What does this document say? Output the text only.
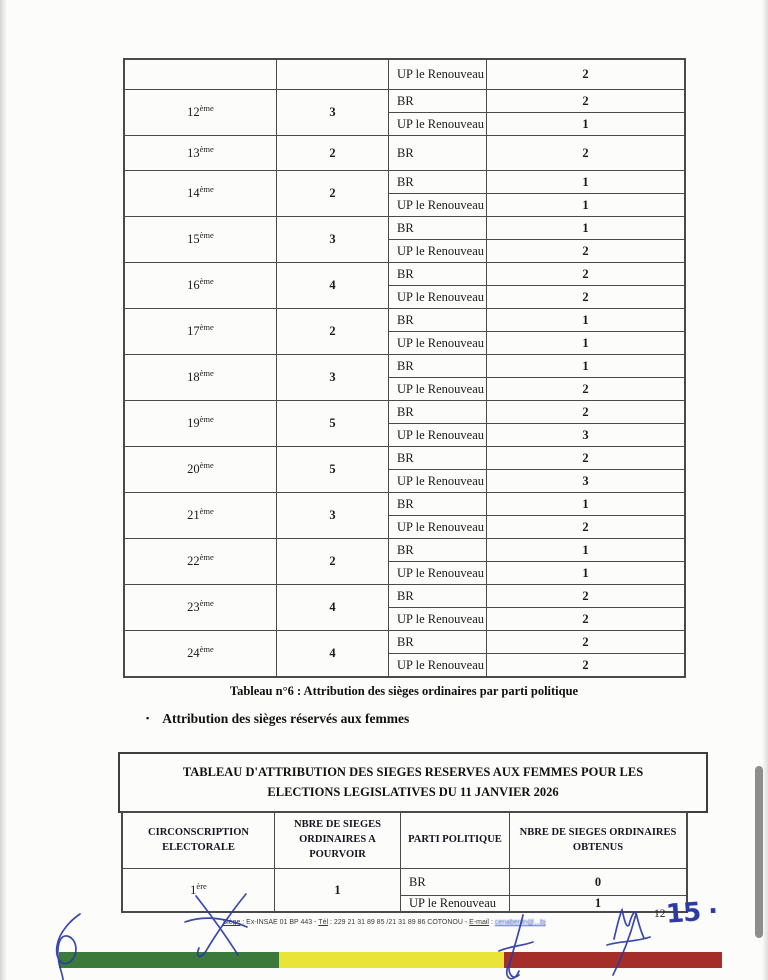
		UP le Renouveau	2
12ème	3	BR	2
		UP le Renouveau	1
13ème	2	BR	2
14ème	2	BR	1
		UP le Renouveau	1
15ème	3	BR	1
		UP le Renouveau	2
16ème	4	BR	2
		UP le Renouveau	2
17ème	2	BR	1
		UP le Renouveau	1
18ème	3	BR	1
		UP le Renouveau	2
19ème	5	BR	2
		UP le Renouveau	3
20ème	5	BR	2
		UP le Renouveau	3
21ème	3	BR	1
		UP le Renouveau	2
22ème	2	BR	1
		UP le Renouveau	1
23ème	4	BR	2
		UP le Renouveau	2
24ème	4	BR	2
		UP le Renouveau	2
Tableau n°6 : Attribution des sièges ordinaires par parti politique
▪ Attribution des sièges réservés aux femmes
TABLEAU D'ATTRIBUTION DES SIEGES RESERVES AUX FEMMES POUR LES
ELECTIONS LEGISLATIVES DU 11 JANVIER 2026
CIRCONSCRIPTION ELECTORALE	NBRE DE SIEGES ORDINAIRES A POURVOIR	PARTI POLITIQUE	NBRE DE SIEGES ORDINAIRES OBTENUS
1ère	1	BR	0
		UP le Renouveau	1
Siège : Ex-INSAE 01 BP 443 - Tél : 229 21 31 89 85 /21 31 89 86 COTONOU - E-mail : cenabenin@...bj
12 15 ·
